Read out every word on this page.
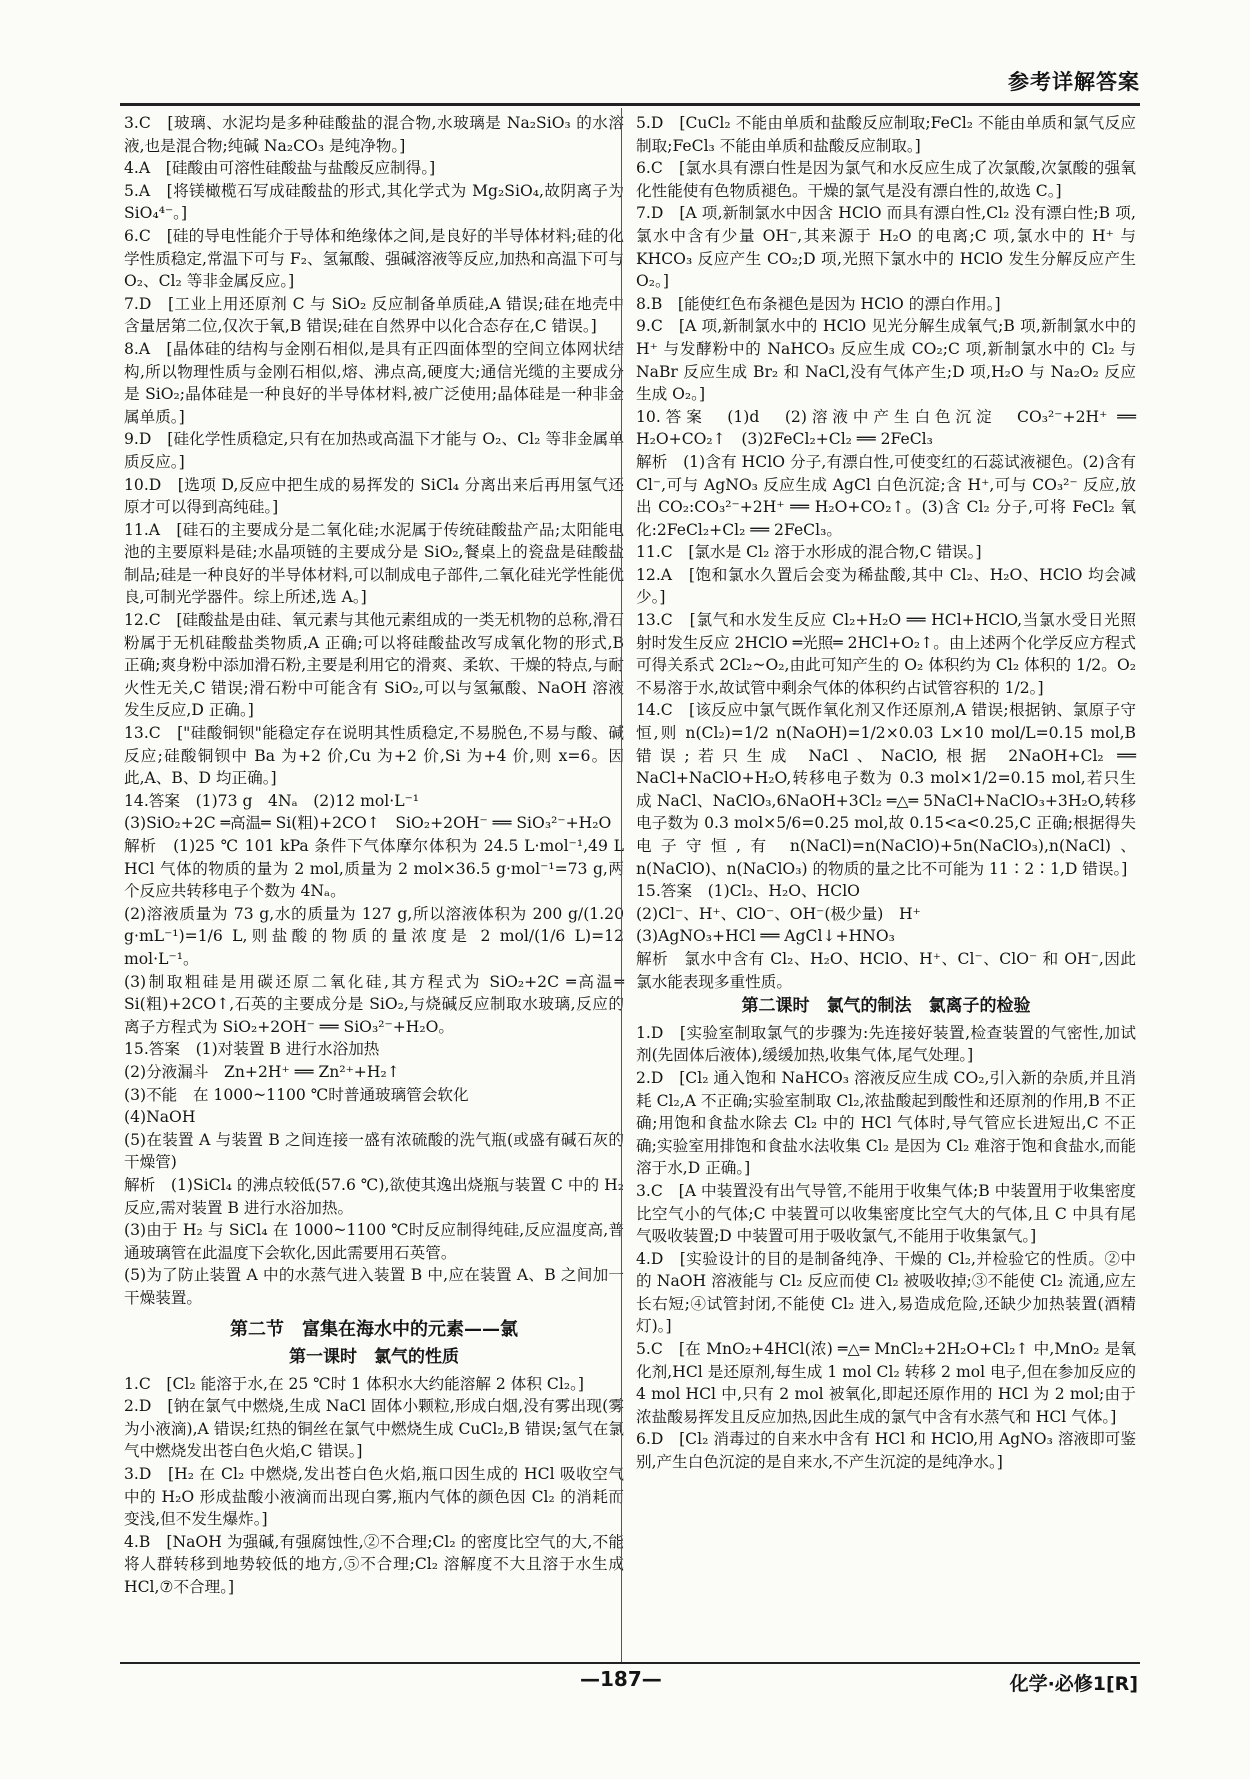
参考详解答案

3.C　[玻璃、水泥均是多种硅酸盐的混合物,水玻璃是 Na₂SiO₃ 的水溶液,也是混合物;纯碱 Na₂CO₃ 是纯净物。]

4.A　[硅酸由可溶性硅酸盐与盐酸反应制得。]

5.A　[将镁橄榄石写成硅酸盐的形式,其化学式为 Mg₂SiO₄,故阴离子为 SiO₄⁴⁻。]

6.C　[硅的导电性能介于导体和绝缘体之间,是良好的半导体材料;硅的化学性质稳定,常温下可与 F₂、氢氟酸、强碱溶液等反应,加热和高温下可与 O₂、Cl₂ 等非金属反应。]

7.D　[工业上用还原剂 C 与 SiO₂ 反应制备单质硅,A 错误;硅在地壳中含量居第二位,仅次于氧,B 错误;硅在自然界中以化合态存在,C 错误。]

8.A　[晶体硅的结构与金刚石相似,是具有正四面体型的空间立体网状结构,所以物理性质与金刚石相似,熔、沸点高,硬度大;通信光缆的主要成分是 SiO₂;晶体硅是一种良好的半导体材料,被广泛使用;晶体硅是一种非金属单质。]

9.D　[硅化学性质稳定,只有在加热或高温下才能与 O₂、Cl₂ 等非金属单质反应。]

10.D　[选项 D,反应中把生成的易挥发的 SiCl₄ 分离出来后再用氢气还原才可以得到高纯硅。]

11.A　[硅石的主要成分是二氧化硅;水泥属于传统硅酸盐产品;太阳能电池的主要原料是硅;水晶项链的主要成分是 SiO₂,餐桌上的瓷盘是硅酸盐制品;硅是一种良好的半导体材料,可以制成电子部件,二氧化硅光学性能优良,可制光学器件。综上所述,选 A。]

12.C　[硅酸盐是由硅、氧元素与其他元素组成的一类无机物的总称,滑石粉属于无机硅酸盐类物质,A 正确;可以将硅酸盐改写成氧化物的形式,B 正确;爽身粉中添加滑石粉,主要是利用它的滑爽、柔软、干燥的特点,与耐火性无关,C 错误;滑石粉中可能含有 SiO₂,可以与氢氟酸、NaOH 溶液发生反应,D 正确。]

13.C　["硅酸铜钡"能稳定存在说明其性质稳定,不易脱色,不易与酸、碱反应;硅酸铜钡中 Ba 为+2 价,Cu 为+2 价,Si 为+4 价,则 x=6。因此,A、B、D 均正确。]

14.答案　(1)73 g　4Nₐ　(2)12 mol·L⁻¹

(3)SiO₂+2C ═高温═ Si(粗)+2CO↑　SiO₂+2OH⁻ ══ SiO₃²⁻+H₂O

解析　(1)25 ℃ 101 kPa 条件下气体摩尔体积为 24.5 L·mol⁻¹,49 L HCl 气体的物质的量为 2 mol,质量为 2 mol×36.5 g·mol⁻¹=73 g,两个反应共转移电子个数为 4Nₐ。

(2)溶液质量为 73 g,水的质量为 127 g,所以溶液体积为 200 g/(1.20 g·mL⁻¹)=1/6 L,则盐酸的物质的量浓度是 2 mol/(1/6 L)=12 mol·L⁻¹。

(3)制取粗硅是用碳还原二氧化硅,其方程式为 SiO₂+2C ═高温═ Si(粗)+2CO↑,石英的主要成分是 SiO₂,与烧碱反应制取水玻璃,反应的离子方程式为 SiO₂+2OH⁻ ══ SiO₃²⁻+H₂O。

15.答案　(1)对装置 B 进行水浴加热

(2)分液漏斗　Zn+2H⁺ ══ Zn²⁺+H₂↑

(3)不能　在 1000~1100 ℃时普通玻璃管会软化

(4)NaOH

(5)在装置 A 与装置 B 之间连接一盛有浓硫酸的洗气瓶(或盛有碱石灰的干燥管)

解析　(1)SiCl₄ 的沸点较低(57.6 ℃),欲使其逸出烧瓶与装置 C 中的 H₂ 反应,需对装置 B 进行水浴加热。

(3)由于 H₂ 与 SiCl₄ 在 1000~1100 ℃时反应制得纯硅,反应温度高,普通玻璃管在此温度下会软化,因此需要用石英管。

(5)为了防止装置 A 中的水蒸气进入装置 B 中,应在装置 A、B 之间加一干燥装置。

第二节　富集在海水中的元素——氯

第一课时　氯气的性质

1.C　[Cl₂ 能溶于水,在 25 ℃时 1 体积水大约能溶解 2 体积 Cl₂。]

2.D　[钠在氯气中燃烧,生成 NaCl 固体小颗粒,形成白烟,没有雾出现(雾为小液滴),A 错误;红热的铜丝在氯气中燃烧生成 CuCl₂,B 错误;氢气在氯气中燃烧发出苍白色火焰,C 错误。]

3.D　[H₂ 在 Cl₂ 中燃烧,发出苍白色火焰,瓶口因生成的 HCl 吸收空气中的 H₂O 形成盐酸小液滴而出现白雾,瓶内气体的颜色因 Cl₂ 的消耗而变浅,但不发生爆炸。]

4.B　[NaOH 为强碱,有强腐蚀性,②不合理;Cl₂ 的密度比空气的大,不能将人群转移到地势较低的地方,⑤不合理;Cl₂ 溶解度不大且溶于水生成 HCl,⑦不合理。]

5.D　[CuCl₂ 不能由单质和盐酸反应制取;FeCl₂ 不能由单质和氯气反应制取;FeCl₃ 不能由单质和盐酸反应制取。]

6.C　[氯水具有漂白性是因为氯气和水反应生成了次氯酸,次氯酸的强氧化性能使有色物质褪色。干燥的氯气是没有漂白性的,故选 C。]

7.D　[A 项,新制氯水中因含 HClO 而具有漂白性,Cl₂ 没有漂白性;B 项,氯水中含有少量 OH⁻,其来源于 H₂O 的电离;C 项,氯水中的 H⁺ 与 KHCO₃ 反应产生 CO₂;D 项,光照下氯水中的 HClO 发生分解反应产生 O₂。]

8.B　[能使红色布条褪色是因为 HClO 的漂白作用。]

9.C　[A 项,新制氯水中的 HClO 见光分解生成氧气;B 项,新制氯水中的 H⁺ 与发酵粉中的 NaHCO₃ 反应生成 CO₂;C 项,新制氯水中的 Cl₂ 与 NaBr 反应生成 Br₂ 和 NaCl,没有气体产生;D 项,H₂O 与 Na₂O₂ 反应生成 O₂。]

10.答案　(1)d　(2)溶液中产生白色沉淀　CO₃²⁻+2H⁺ ══ H₂O+CO₂↑　(3)2FeCl₂+Cl₂ ══ 2FeCl₃

解析　(1)含有 HClO 分子,有漂白性,可使变红的石蕊试液褪色。(2)含有 Cl⁻,可与 AgNO₃ 反应生成 AgCl 白色沉淀;含 H⁺,可与 CO₃²⁻ 反应,放出 CO₂:CO₃²⁻+2H⁺ ══ H₂O+CO₂↑。(3)含 Cl₂ 分子,可将 FeCl₂ 氧化:2FeCl₂+Cl₂ ══ 2FeCl₃。

11.C　[氯水是 Cl₂ 溶于水形成的混合物,C 错误。]

12.A　[饱和氯水久置后会变为稀盐酸,其中 Cl₂、H₂O、HClO 均会减少。]

13.C　[氯气和水发生反应 Cl₂+H₂O ══ HCl+HClO,当氯水受日光照射时发生反应 2HClO ═光照═ 2HCl+O₂↑。由上述两个化学反应方程式可得关系式 2Cl₂~O₂,由此可知产生的 O₂ 体积约为 Cl₂ 体积的 1/2。O₂ 不易溶于水,故试管中剩余气体的体积约占试管容积的 1/2。]

14.C　[该反应中氯气既作氧化剂又作还原剂,A 错误;根据钠、氯原子守恒,则 n(Cl₂)=1/2 n(NaOH)=1/2×0.03 L×10 mol/L=0.15 mol,B 错误;若只生成 NaCl、NaClO,根据 2NaOH+Cl₂ ══ NaCl+NaClO+H₂O,转移电子数为 0.3 mol×1/2=0.15 mol,若只生成 NaCl、NaClO₃,6NaOH+3Cl₂ ═△═ 5NaCl+NaClO₃+3H₂O,转移电子数为 0.3 mol×5/6=0.25 mol,故 0.15<a<0.25,C 正确;根据得失电子守恒,有 n(NaCl)=n(NaClO)+5n(NaClO₃),n(NaCl)、n(NaClO)、n(NaClO₃) 的物质的量之比不可能为 11∶2∶1,D 错误。]

15.答案　(1)Cl₂、H₂O、HClO

(2)Cl⁻、H⁺、ClO⁻、OH⁻(极少量)　H⁺

(3)AgNO₃+HCl ══ AgCl↓+HNO₃

解析　氯水中含有 Cl₂、H₂O、HClO、H⁺、Cl⁻、ClO⁻ 和 OH⁻,因此氯水能表现多重性质。

第二课时　氯气的制法　氯离子的检验

1.D　[实验室制取氯气的步骤为:先连接好装置,检查装置的气密性,加试剂(先固体后液体),缓缓加热,收集气体,尾气处理。]

2.D　[Cl₂ 通入饱和 NaHCO₃ 溶液反应生成 CO₂,引入新的杂质,并且消耗 Cl₂,A 不正确;实验室制取 Cl₂,浓盐酸起到酸性和还原剂的作用,B 不正确;用饱和食盐水除去 Cl₂ 中的 HCl 气体时,导气管应长进短出,C 不正确;实验室用排饱和食盐水法收集 Cl₂ 是因为 Cl₂ 难溶于饱和食盐水,而能溶于水,D 正确。]

3.C　[A 中装置没有出气导管,不能用于收集气体;B 中装置用于收集密度比空气小的气体;C 中装置可以收集密度比空气大的气体,且 C 中具有尾气吸收装置;D 中装置可用于吸收氯气,不能用于收集氯气。]

4.D　[实验设计的目的是制备纯净、干燥的 Cl₂,并检验它的性质。②中的 NaOH 溶液能与 Cl₂ 反应而使 Cl₂ 被吸收掉;③不能使 Cl₂ 流通,应左长右短;④试管封闭,不能使 Cl₂ 进入,易造成危险,还缺少加热装置(酒精灯)。]

5.C　[在 MnO₂+4HCl(浓) ═△═ MnCl₂+2H₂O+Cl₂↑ 中,MnO₂ 是氧化剂,HCl 是还原剂,每生成 1 mol Cl₂ 转移 2 mol 电子,但在参加反应的 4 mol HCl 中,只有 2 mol 被氧化,即起还原作用的 HCl 为 2 mol;由于浓盐酸易挥发且反应加热,因此生成的氯气中含有水蒸气和 HCl 气体。]

6.D　[Cl₂ 消毒过的自来水中含有 HCl 和 HClO,用 AgNO₃ 溶液即可鉴别,产生白色沉淀的是自来水,不产生沉淀的是纯净水。]

—187—	化学·必修1[R]
